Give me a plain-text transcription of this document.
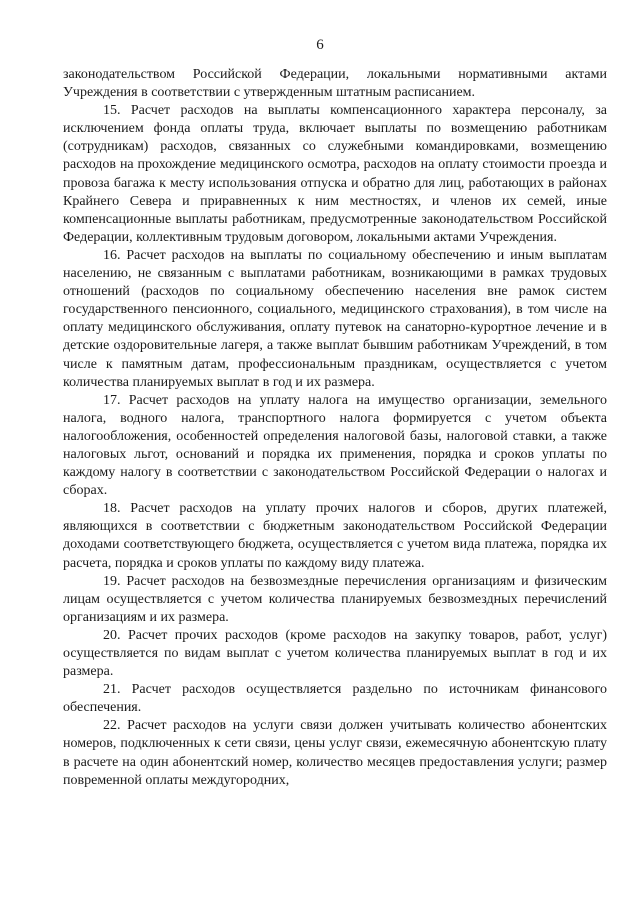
6

законодательством Российской Федерации, локальными нормативными актами Учреждения в соответствии с утвержденным штатным расписанием.

15. Расчет расходов на выплаты компенсационного характера персоналу, за исключением фонда оплаты труда, включает выплаты по возмещению работникам (сотрудникам) расходов, связанных со служебными командировками, возмещению расходов на прохождение медицинского осмотра, расходов на оплату стоимости проезда и провоза багажа к месту использования отпуска и обратно для лиц, работающих в районах Крайнего Севера и приравненных к ним местностях, и членов их семей, иные компенсационные выплаты работникам, предусмотренные законодательством Российской Федерации, коллективным трудовым договором, локальными актами Учреждения.

16. Расчет расходов на выплаты по социальному обеспечению и иным выплатам населению, не связанным с выплатами работникам, возникающими в рамках трудовых отношений (расходов по социальному обеспечению населения вне рамок систем государственного пенсионного, социального, медицинского страхования), в том числе на оплату медицинского обслуживания, оплату путевок на санаторно-курортное лечение и в детские оздоровительные лагеря, а также выплат бывшим работникам Учреждений, в том числе к памятным датам, профессиональным праздникам, осуществляется с учетом количества планируемых выплат в год и их размера.

17. Расчет расходов на уплату налога на имущество организации, земельного налога, водного налога, транспортного налога формируется с учетом объекта налогообложения, особенностей определения налоговой базы, налоговой ставки, а также налоговых льгот, оснований и порядка их применения, порядка и сроков уплаты по каждому налогу в соответствии с законодательством Российской Федерации о налогах и сборах.

18. Расчет расходов на уплату прочих налогов и сборов, других платежей, являющихся в соответствии с бюджетным законодательством Российской Федерации доходами соответствующего бюджета, осуществляется с учетом вида платежа, порядка их расчета, порядка и сроков уплаты по каждому виду платежа.

19. Расчет расходов на безвозмездные перечисления организациям и физическим лицам осуществляется с учетом количества планируемых безвозмездных перечислений организациям и их размера.

20. Расчет прочих расходов (кроме расходов на закупку товаров, работ, услуг) осуществляется по видам выплат с учетом количества планируемых выплат в год и их размера.

21. Расчет расходов осуществляется раздельно по источникам финансового обеспечения.

22. Расчет расходов на услуги связи должен учитывать количество абонентских номеров, подключенных к сети связи, цены услуг связи, ежемесячную абонентскую плату в расчете на один абонентский номер, количество месяцев предоставления услуги; размер повременной оплаты междугородних,
